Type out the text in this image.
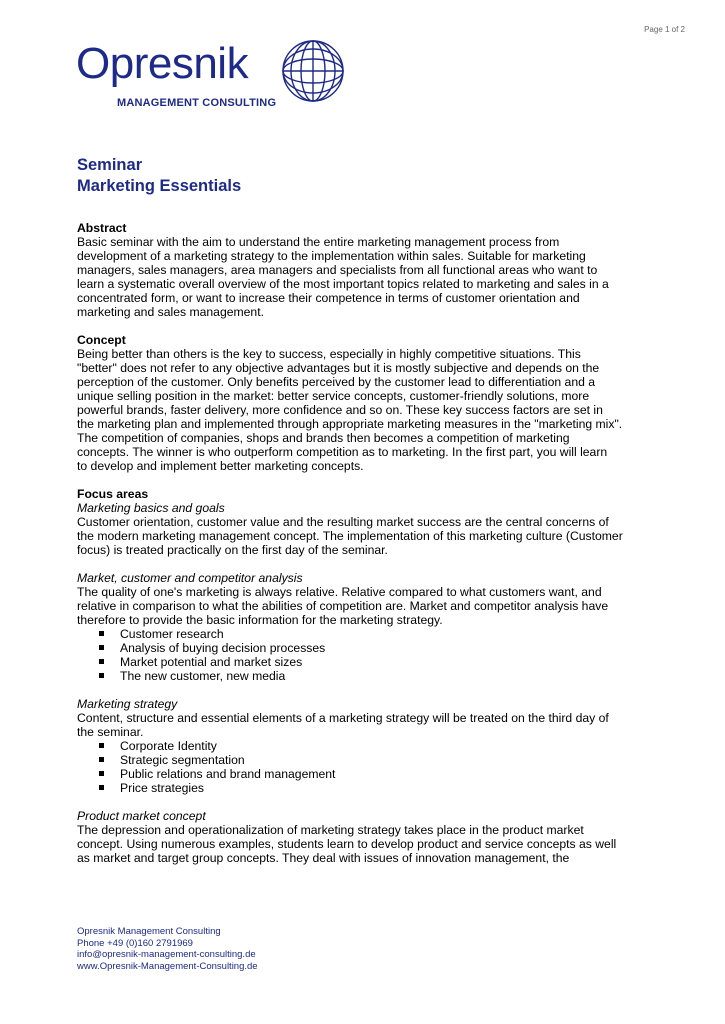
Page 1 of 2
Opresnik
MANAGEMENT CONSULTING
Seminar
Marketing Essentials
Abstract
Basic seminar with the aim to understand the entire marketing management process from
development of a marketing strategy to the implementation within sales. Suitable for marketing
managers, sales managers, area managers and specialists from all functional areas who want to
learn a systematic overall overview of the most important topics related to marketing and sales in a
concentrated form, or want to increase their competence in terms of customer orientation and
marketing and sales management.
Concept
Being better than others is the key to success, especially in highly competitive situations. This
"better" does not refer to any objective advantages but it is mostly subjective and depends on the
perception of the customer. Only benefits perceived by the customer lead to differentiation and a
unique selling position in the market: better service concepts, customer-friendly solutions, more
powerful brands, faster delivery, more confidence and so on. These key success factors are set in
the marketing plan and implemented through appropriate marketing measures in the "marketing mix".
The competition of companies, shops and brands then becomes a competition of marketing
concepts. The winner is who outperform competition as to marketing. In the first part, you will learn
to develop and implement better marketing concepts.
Focus areas
Marketing basics and goals
Customer orientation, customer value and the resulting market success are the central concerns of
the modern marketing management concept. The implementation of this marketing culture (Customer
focus) is treated practically on the first day of the seminar.
Market, customer and competitor analysis
The quality of one's marketing is always relative. Relative compared to what customers want, and
relative in comparison to what the abilities of competition are. Market and competitor analysis have
therefore to provide the basic information for the marketing strategy.
Customer research
Analysis of buying decision processes
Market potential and market sizes
The new customer, new media
Marketing strategy
Content, structure and essential elements of a marketing strategy will be treated on the third day of
the seminar.
Corporate Identity
Strategic segmentation
Public relations and brand management
Price strategies
Product market concept
The depression and operationalization of marketing strategy takes place in the product market
concept. Using numerous examples, students learn to develop product and service concepts as well
as market and target group concepts. They deal with issues of innovation management, the
Opresnik Management Consulting
Phone +49 (0)160 2791969
info@opresnik-management-consulting.de
www.Opresnik-Management-Consulting.de
